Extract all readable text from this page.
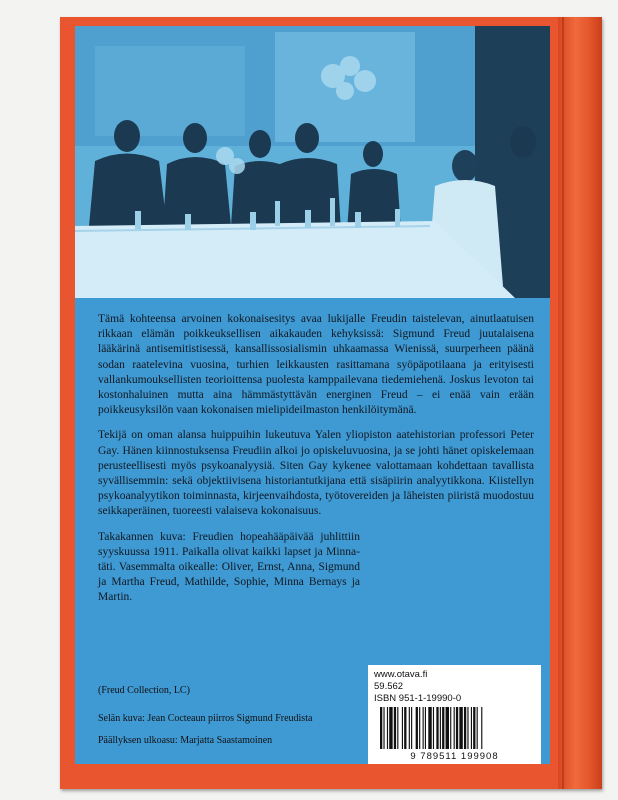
Tämä kohteensa arvoinen kokonaisesitys avaa lukijalle Freudin taistelevan, ainutlaatuisen rikkaan elämän poikkeuksellisen aikakauden kehyksissä: Sigmund Freud juutalaisena lääkärinä antisemitistisessä, kansallissosialismin uhkaamassa Wienissä, suurperheen päänä sodan raatelevina vuosina, turhien leikkausten rasittamana syöpäpotilaana ja erityisesti vallankumouksellisten teorioittensa puolesta kamppailevana tiedemiehenä. Joskus levoton tai kostonhaluinen mutta aina hämmästyttävän energinen Freud – ei enää vain erään poikkeusyksilön vaan kokonaisen mielipideilmaston henkilöitymänä.

Tekijä on oman alansa huippuihin lukeutuva Yalen yliopiston aatehistorian professori Peter Gay. Hänen kiinnostuksensa Freudiin alkoi jo opiskeluvuosina, ja se johti hänet opiskelemaan perusteellisesti myös psykoanalyysiä. Siten Gay kykenee valottamaan kohdettaan tavallista syvällisemmin: sekä objektiivisena historiantutkijana että sisäpiirin analyytikkona. Kiistellyn psykoanalyytikon toiminnasta, kirjeenvaihdosta, työtovereiden ja läheisten piiristä muodostuu seikkaperäinen, tuoreesti valaiseva kokonaisuus.

Takakannen kuva: Freudien hopeahääpäivää juhlittiin syyskuussa 1911. Paikalla olivat kaikki lapset ja Minna-täti. Vasemmalta oikealle: Oliver, Ernst, Anna, Sigmund ja Martha Freud, Mathilde, Sophie, Minna Bernays ja Martin.

(Freud Collection, LC)
Selän kuva: Jean Cocteaun piirros Sigmund Freudista
Päällyksen ulkoasu: Marjatta Saastamoinen
www.otava.fi
59.562
ISBN 951-1-19990-0
9 789511 199908
